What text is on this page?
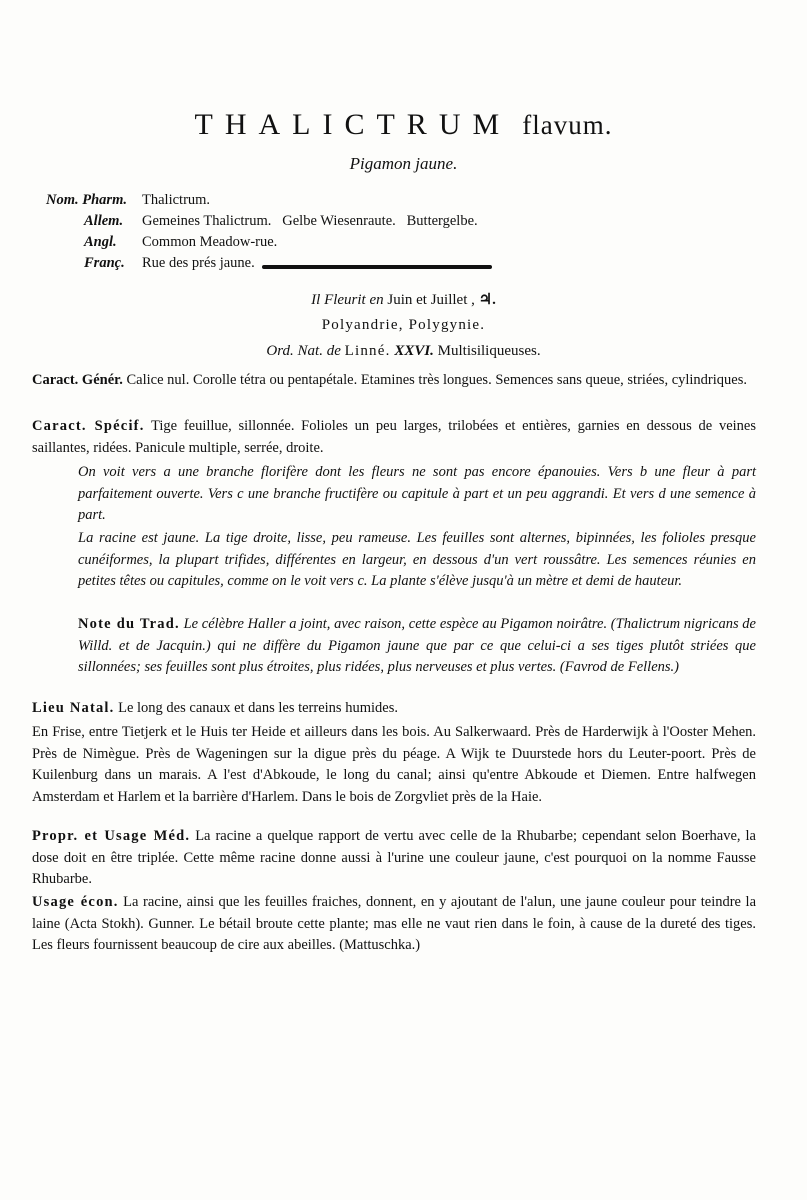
THALICTRUM flavum.
Pigamon jaune.
Nom. Pharm.	Thalictrum.
Allem.	Gemeines Thalictrum.   Gelbe Wiesenraute.   Buttergelbe.
Angl.	Common Meadow-rue.
Franç.	Rue des prés jaune.
Il Fleurit en Juin et Juillet , ♃.
Polyandrie, Polygynie.
Ord. Nat. de Linné. XXVI. Multisiliqueuses.
Caract. Génér. Calice nul. Corolle tétra ou pentapétale. Etamines très longues. Semences sans queue, striées, cylindriques.
Caract. Spécif. Tige feuillue, sillonnée. Folioles un peu larges, trilobées et entières, garnies en dessous de veines saillantes, ridées. Panicule multiple, serrée, droite.
On voit vers a une branche florifère dont les fleurs ne sont pas encore épanouies. Vers b une fleur à part parfaitement ouverte. Vers c une branche fructifère ou capitule à part et un peu aggrandi. Et vers d une semence à part.
La racine est jaune. La tige droite, lisse, peu rameuse. Les feuilles sont alternes, bipinnées, les folioles presque cunéiformes, la plupart trifides, différentes en largeur, en dessous d'un vert roussâtre. Les semences réunies en petites têtes ou capitules, comme on le voit vers c. La plante s'élève jusqu'à un mètre et demi de hauteur.
Note du Trad. Le célèbre Haller a joint, avec raison, cette espèce au Pigamon noirâtre. (Thalictrum nigricans de Willd. et de Jacquin.) qui ne diffère du Pigamon jaune que par ce que celui-ci a ses tiges plutôt striées que sillonnées; ses feuilles sont plus étroites, plus ridées, plus nerveuses et plus vertes. (Favrod de Fellens.)
Lieu Natal. Le long des canaux et dans les terreins humides.
En Frise, entre Tietjerk et le Huis ter Heide et ailleurs dans les bois. Au Salkerwaard. Près de Harderwijk à l'Ooster Mehen. Près de Nimègue. Près de Wageningen sur la digue près du péage. A Wijk te Duurstede hors du Leuter-poort. Près de Kuilenburg dans un marais. A l'est d'Abkoude, le long du canal; ainsi qu'entre Abkoude et Diemen. Entre halfwegen Amsterdam et Harlem et la barrière d'Harlem. Dans le bois de Zorgvliet près de la Haie.
Propr. et Usage Méd. La racine a quelque rapport de vertu avec celle de la Rhubarbe; cependant selon Boerhave, la dose doit en être triplée. Cette même racine donne aussi à l'urine une couleur jaune, c'est pourquoi on la nomme Fausse Rhubarbe.
Usage écon. La racine, ainsi que les feuilles fraiches, donnent, en y ajoutant de l'alun, une jaune couleur pour teindre la laine (Acta Stokh). Gunner. Le bétail broute cette plante; mas elle ne vaut rien dans le foin, à cause de la dureté des tiges. Les fleurs fournissent beaucoup de cire aux abeilles. (Mattuschka.)
